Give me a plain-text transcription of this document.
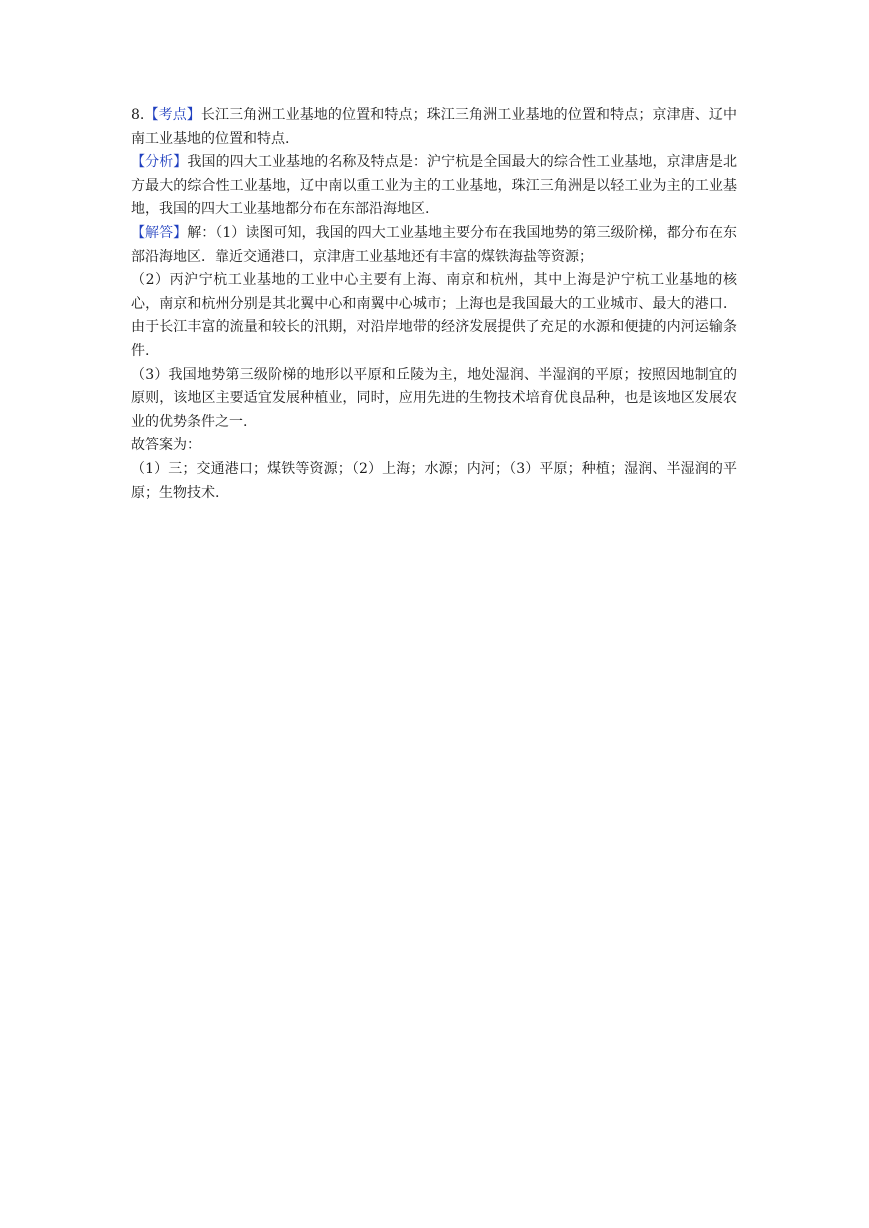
8.【考点】长江三角洲工业基地的位置和特点；珠江三角洲工业基地的位置和特点；京津唐、辽中南工业基地的位置和特点.

【分析】我国的四大工业基地的名称及特点是：沪宁杭是全国最大的综合性工业基地，京津唐是北方最大的综合性工业基地，辽中南以重工业为主的工业基地，珠江三角洲是以轻工业为主的工业基地，我国的四大工业基地都分布在东部沿海地区.

【解答】解：（1）读图可知，我国的四大工业基地主要分布在我国地势的第三级阶梯，都分布在东部沿海地区．靠近交通港口，京津唐工业基地还有丰富的煤铁海盐等资源；

（2）丙沪宁杭工业基地的工业中心主要有上海、南京和杭州，其中上海是沪宁杭工业基地的核心，南京和杭州分别是其北翼中心和南翼中心城市；上海也是我国最大的工业城市、最大的港口．由于长江丰富的流量和较长的汛期，对沿岸地带的经济发展提供了充足的水源和便捷的内河运输条件.

（3）我国地势第三级阶梯的地形以平原和丘陵为主，地处湿润、半湿润的平原；按照因地制宜的原则，该地区主要适宜发展种植业，同时，应用先进的生物技术培育优良品种，也是该地区发展农业的优势条件之一.

故答案为：

（1）三；交通港口；煤铁等资源；（2）上海；水源；内河；（3）平原；种植；湿润、半湿润的平原；生物技术.
